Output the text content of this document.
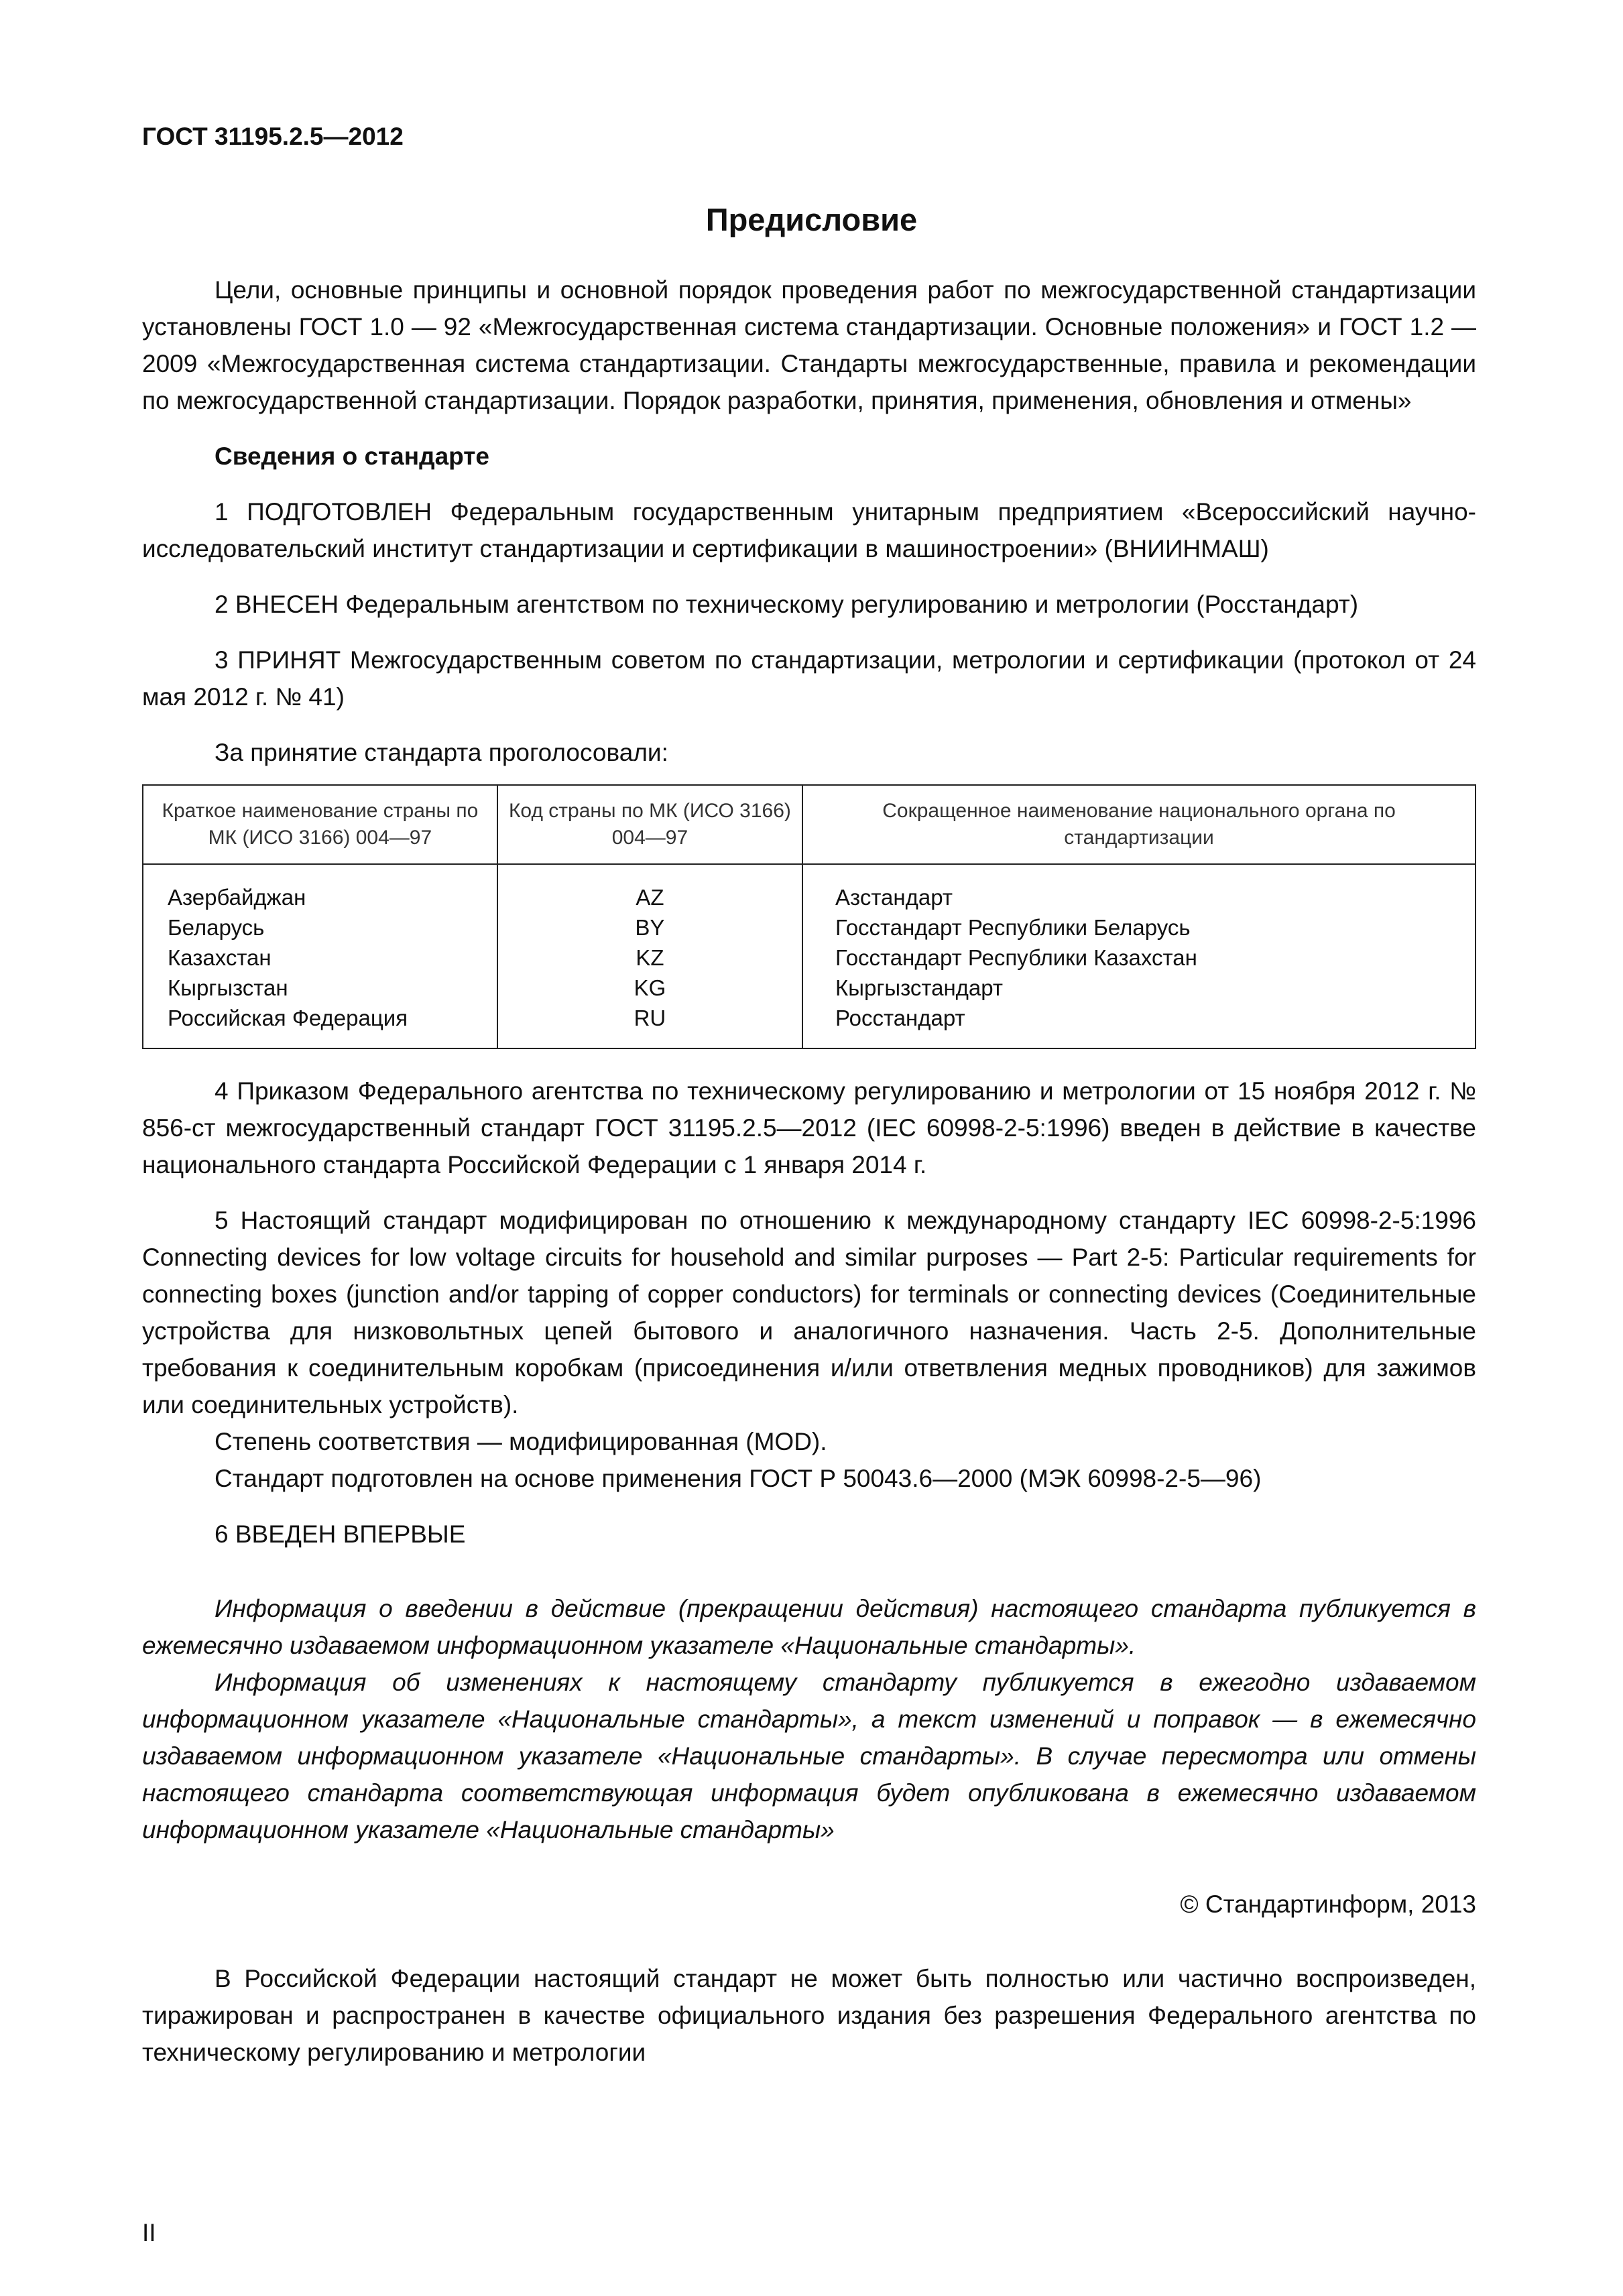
ГОСТ 31195.2.5—2012
Предисловие

Цели, основные принципы и основной порядок проведения работ по межгосударственной стандартизации установлены ГОСТ 1.0 — 92 «Межгосударственная система стандартизации. Основные положения» и ГОСТ 1.2 — 2009 «Межгосударственная система стандартизации. Стандарты межгосударственные, правила и рекомендации по межгосударственной стандартизации. Порядок разработки, принятия, применения, обновления и отмены»

Сведения о стандарте

1 ПОДГОТОВЛЕН Федеральным государственным унитарным предприятием «Всероссийский научно-исследовательский институт стандартизации и сертификации в машиностроении» (ВНИИНМАШ)

2 ВНЕСЕН Федеральным агентством по техническому регулированию и метрологии (Росстандарт)

3 ПРИНЯТ Межгосударственным советом по стандартизации, метрологии и сертификации (протокол от 24 мая 2012 г. № 41)

За принятие стандарта проголосовали:

Краткое наименование страны по МК (ИСО 3166) 004—97	Код страны по МК (ИСО 3166) 004—97	Сокращенное наименование национального органа по стандартизации
Азербайджан	AZ	Азстандарт
Беларусь	BY	Госстандарт Республики Беларусь
Казахстан	KZ	Госстандарт Республики Казахстан
Кыргызстан	KG	Кыргызстандарт
Российская Федерация	RU	Росстандарт

4 Приказом Федерального агентства по техническому регулированию и метрологии от 15 ноября 2012 г. № 856-ст межгосударственный стандарт ГОСТ 31195.2.5—2012 (IEC 60998-2-5:1996) введен в действие в качестве национального стандарта Российской Федерации с 1 января 2014 г.

5 Настоящий стандарт модифицирован по отношению к международному стандарту IEC 60998-2-5:1996 Connecting devices for low voltage circuits for household and similar purposes — Part 2-5: Particular requirements for connecting boxes (junction and/or tapping of copper conductors) for terminals or connecting devices (Соединительные устройства для низковольтных цепей бытового и аналогичного назначения. Часть 2-5. Дополнительные требования к соединительным коробкам (присоединения и/или ответвления медных проводников) для зажимов или соединительных устройств).

Степень соответствия — модифицированная (MOD).

Стандарт подготовлен на основе применения ГОСТ Р 50043.6—2000 (МЭК 60998-2-5—96)

6 ВВЕДЕН ВПЕРВЫЕ

Информация о введении в действие (прекращении действия) настоящего стандарта публикуется в ежемесячно издаваемом информационном указателе «Национальные стандарты».

Информация об изменениях к настоящему стандарту публикуется в ежегодно издаваемом информационном указателе «Национальные стандарты», а текст изменений и поправок — в ежемесячно издаваемом информационном указателе «Национальные стандарты». В случае пересмотра или отмены настоящего стандарта соответствующая информация будет опубликована в ежемесячно издаваемом информационном указателе «Национальные стандарты»

© Стандартинформ, 2013

В Российской Федерации настоящий стандарт не может быть полностью или частично воспроизведен, тиражирован и распространен в качестве официального издания без разрешения Федерального агентства по техническому регулированию и метрологии

II
